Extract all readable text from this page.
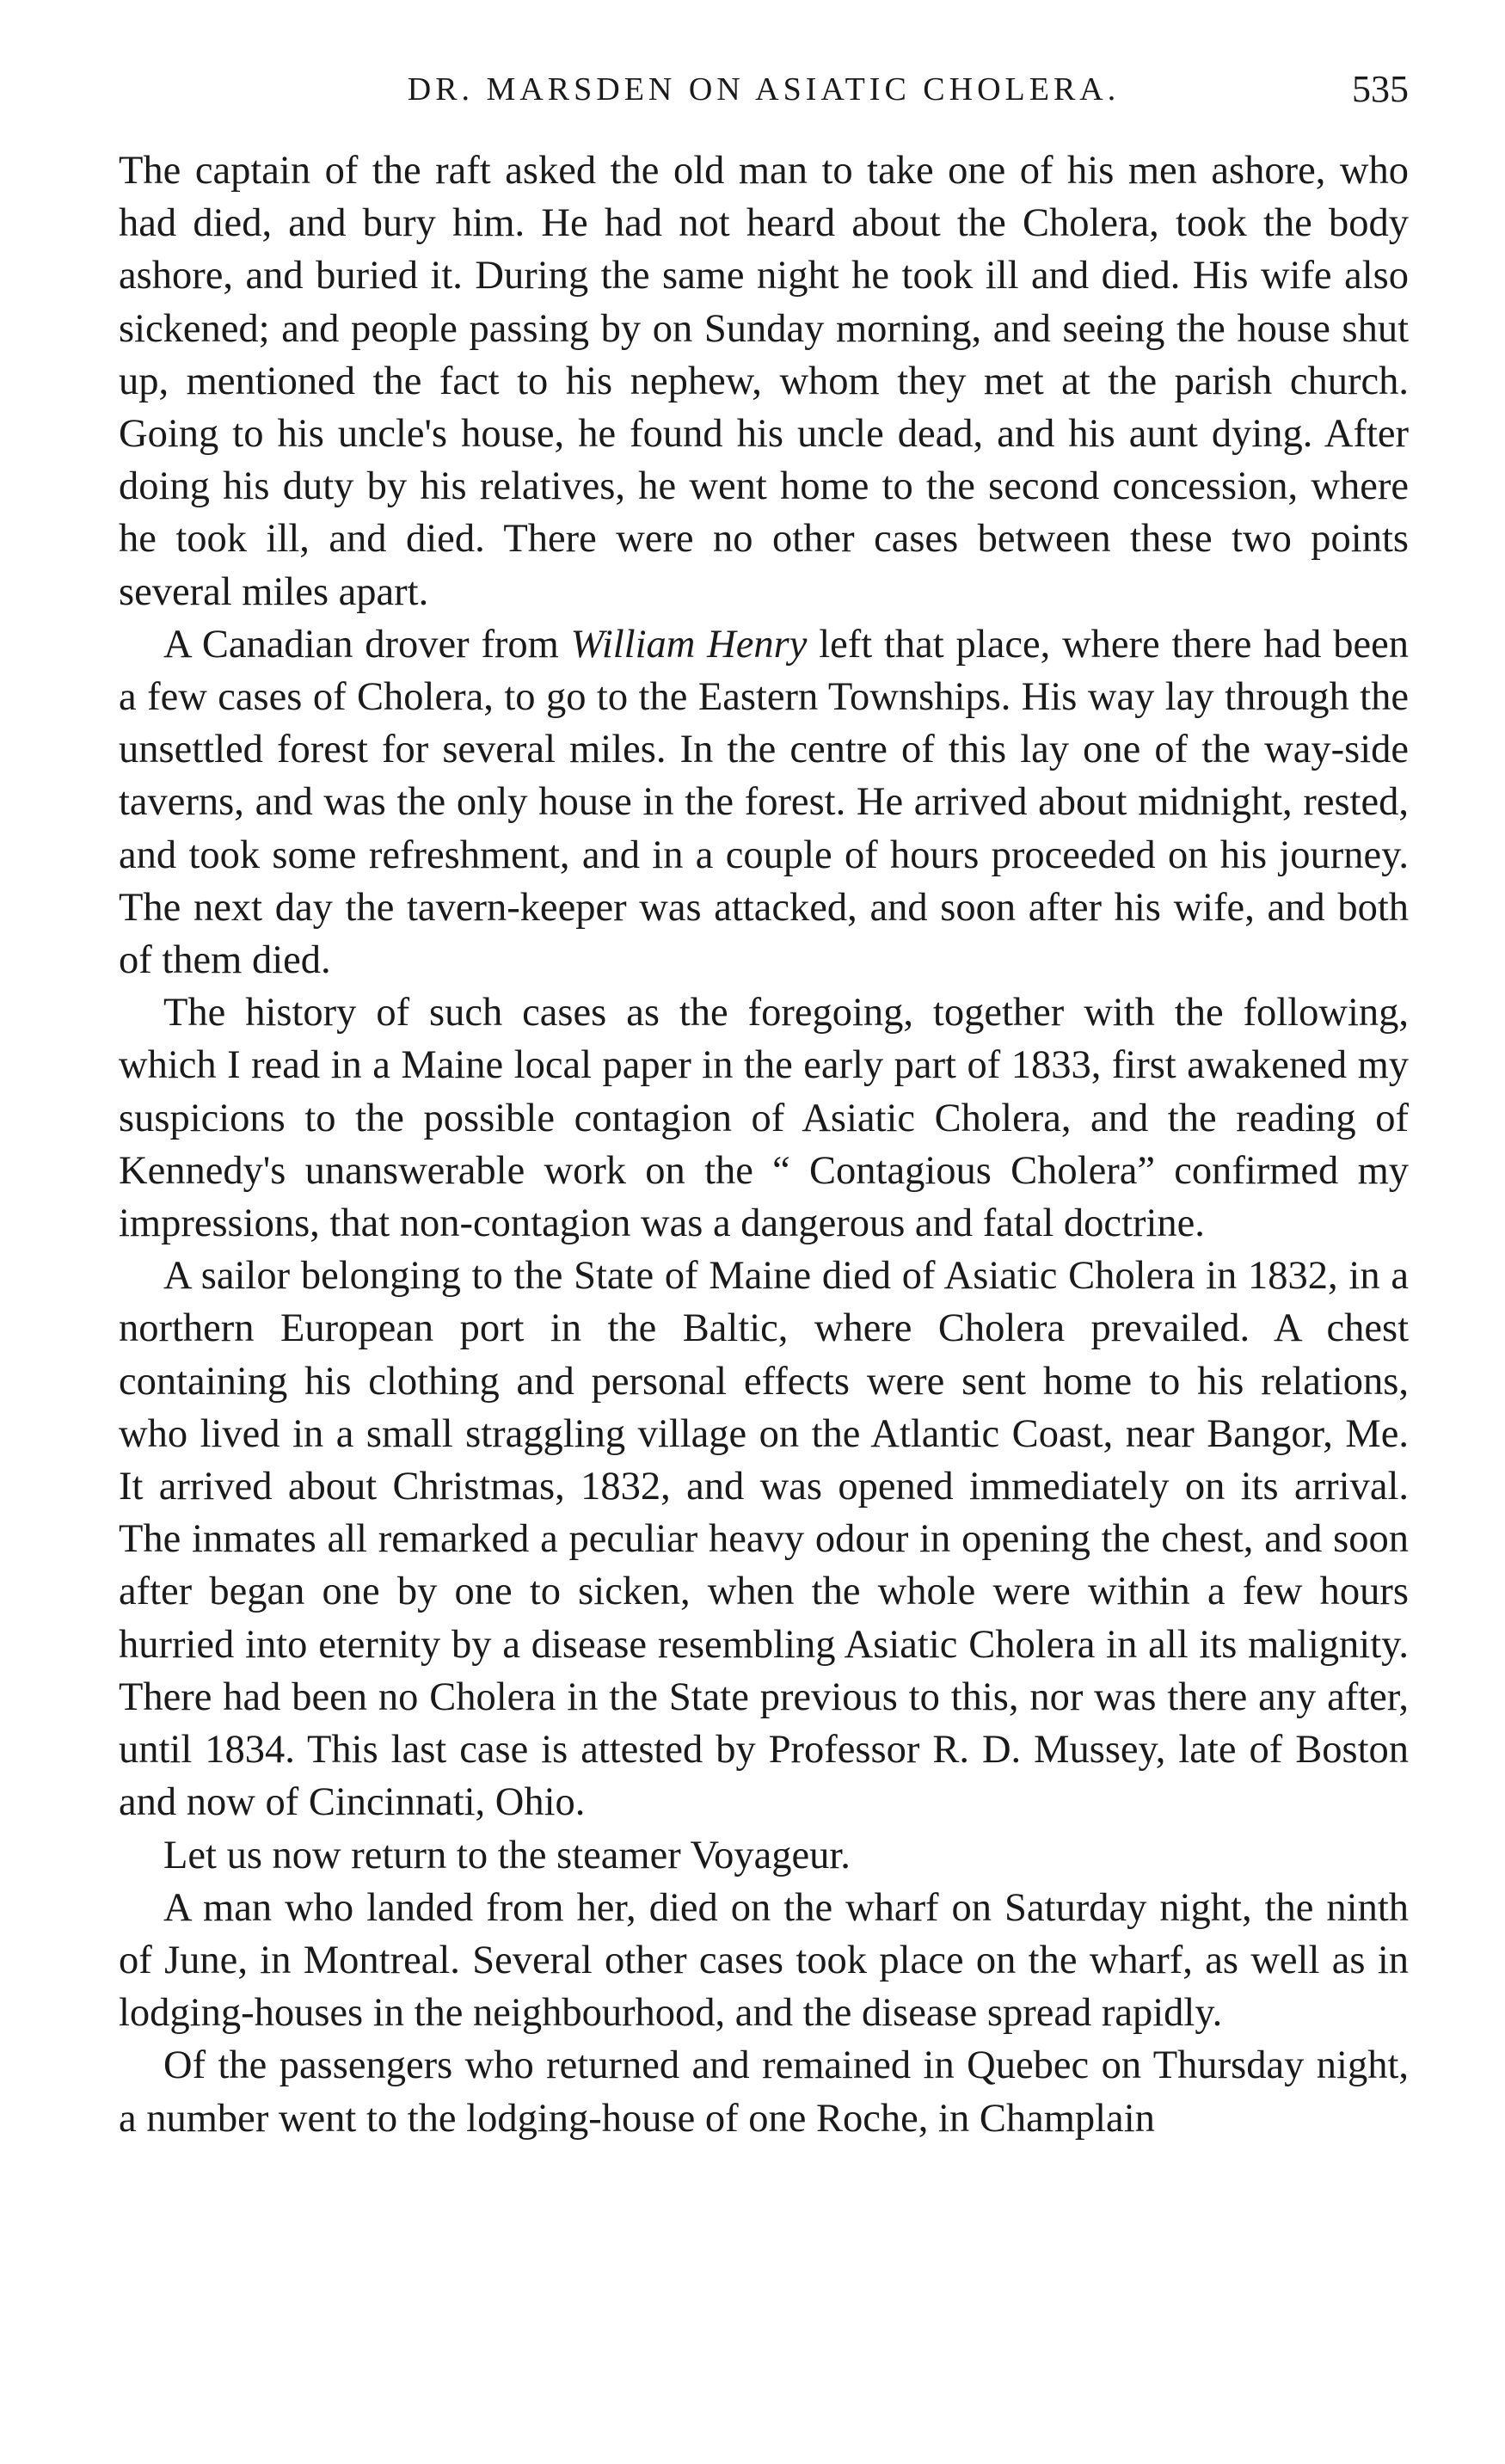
DR. MARSDEN ON ASIATIC CHOLERA.	535

The captain of the raft asked the old man to take one of his men ashore, who had died, and bury him. He had not heard about the Cholera, took the body ashore, and buried it. During the same night he took ill and died. His wife also sickened; and people passing by on Sunday morning, and seeing the house shut up, mentioned the fact to his nephew, whom they met at the parish church. Going to his uncle's house, he found his uncle dead, and his aunt dying. After doing his duty by his relatives, he went home to the second concession, where he took ill, and died. There were no other cases between these two points several miles apart.

A Canadian drover from William Henry left that place, where there had been a few cases of Cholera, to go to the Eastern Townships. His way lay through the unsettled forest for several miles. In the centre of this lay one of the way-side taverns, and was the only house in the forest. He arrived about midnight, rested, and took some refreshment, and in a couple of hours proceeded on his journey. The next day the tavern-keeper was attacked, and soon after his wife, and both of them died.

The history of such cases as the foregoing, together with the following, which I read in a Maine local paper in the early part of 1833, first awakened my suspicions to the possible contagion of Asiatic Cholera, and the reading of Kennedy's unanswerable work on the “ Contagious Cholera” confirmed my impressions, that non-contagion was a dangerous and fatal doctrine.

A sailor belonging to the State of Maine died of Asiatic Cholera in 1832, in a northern European port in the Baltic, where Cholera prevailed. A chest containing his clothing and personal effects were sent home to his relations, who lived in a small straggling village on the Atlantic Coast, near Bangor, Me. It arrived about Christmas, 1832, and was opened immediately on its arrival. The inmates all remarked a peculiar heavy odour in opening the chest, and soon after began one by one to sicken, when the whole were within a few hours hurried into eternity by a disease resembling Asiatic Cholera in all its malignity. There had been no Cholera in the State previous to this, nor was there any after, until 1834. This last case is attested by Professor R. D. Mussey, late of Boston and now of Cincinnati, Ohio.

Let us now return to the steamer Voyageur.

A man who landed from her, died on the wharf on Saturday night, the ninth of June, in Montreal. Several other cases took place on the wharf, as well as in lodging-houses in the neighbourhood, and the disease spread rapidly.

Of the passengers who returned and remained in Quebec on Thursday night, a number went to the lodging-house of one Roche, in Champlain
